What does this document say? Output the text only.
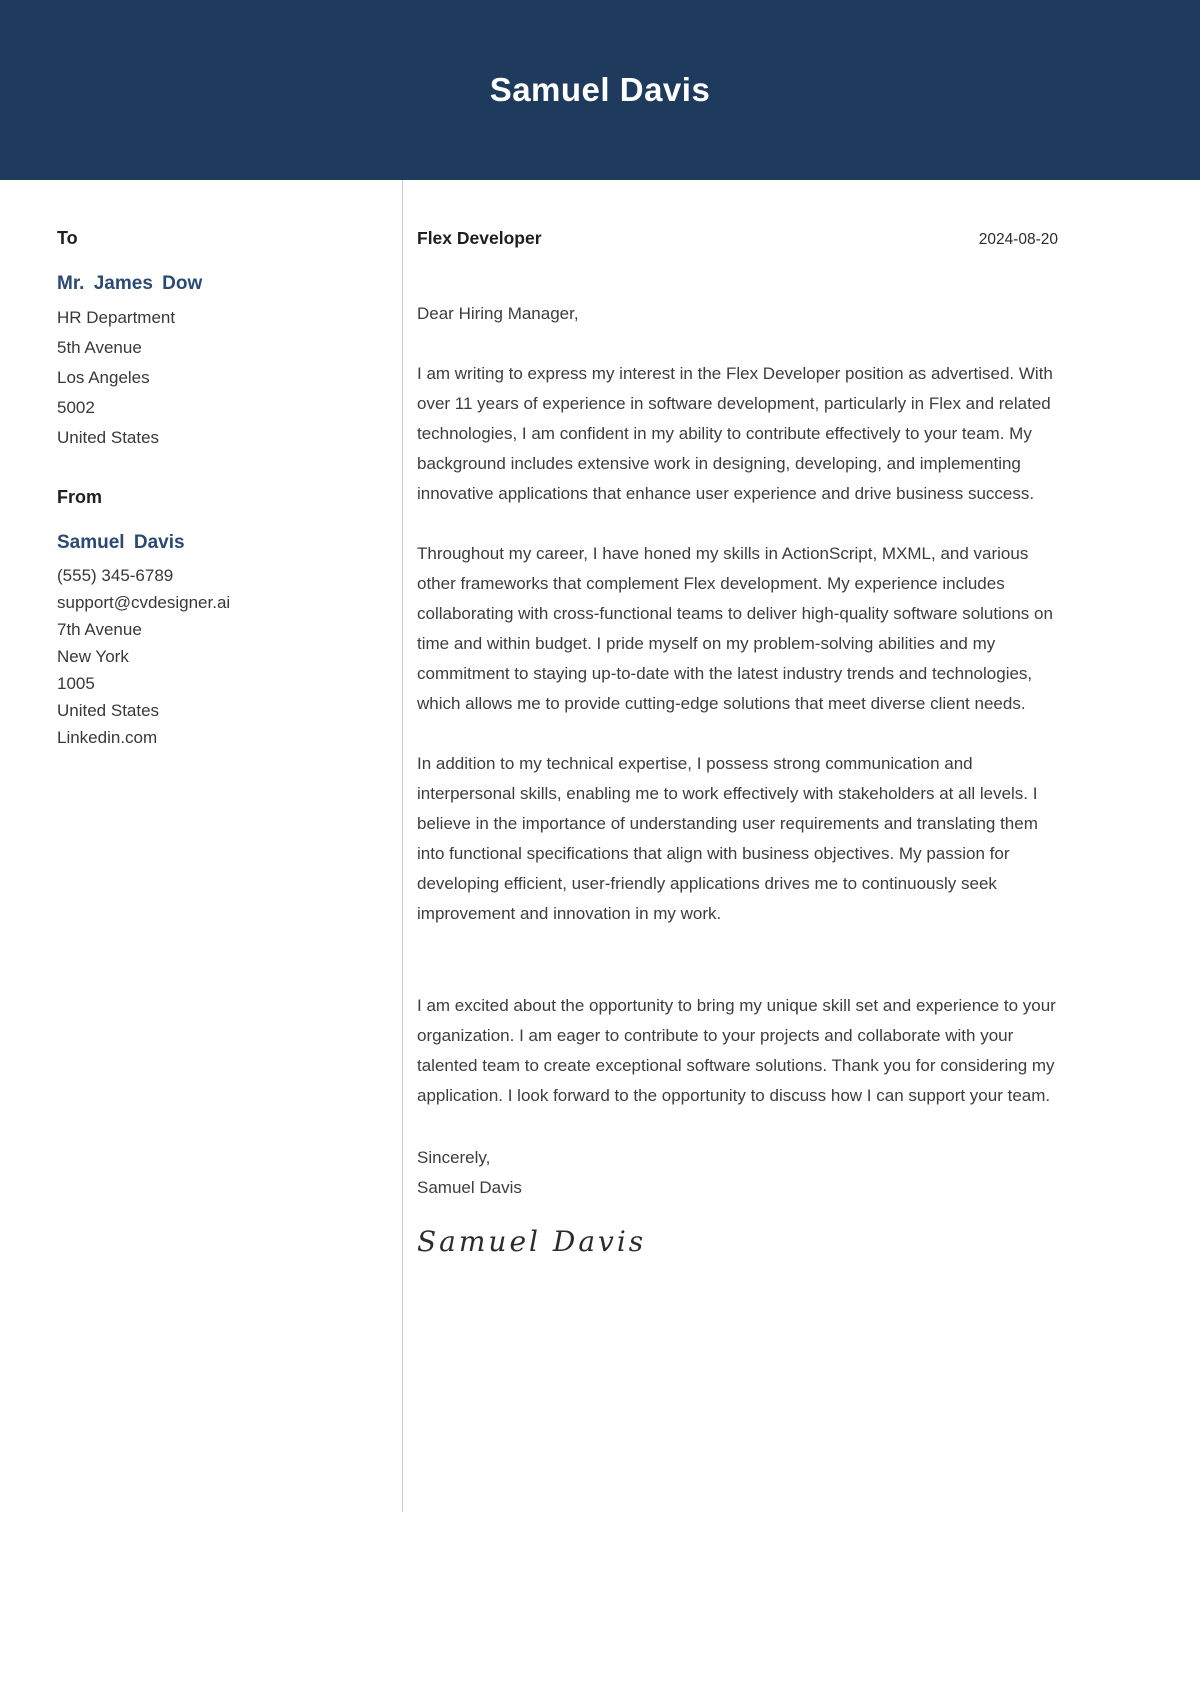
Samuel Davis
To
Mr. James Dow
HR Department
5th Avenue
Los Angeles
5002
United States
From
Samuel Davis
(555) 345-6789
support@cvdesigner.ai
7th Avenue
New York
1005
United States
Linkedin.com
Flex Developer	2024-08-20
Dear Hiring Manager,
I am writing to express my interest in the Flex Developer position as advertised. With over 11 years of experience in software development, particularly in Flex and related technologies, I am confident in my ability to contribute effectively to your team. My background includes extensive work in designing, developing, and implementing innovative applications that enhance user experience and drive business success.
Throughout my career, I have honed my skills in ActionScript, MXML, and various other frameworks that complement Flex development. My experience includes collaborating with cross-functional teams to deliver high-quality software solutions on time and within budget. I pride myself on my problem-solving abilities and my commitment to staying up-to-date with the latest industry trends and technologies, which allows me to provide cutting-edge solutions that meet diverse client needs.
In addition to my technical expertise, I possess strong communication and interpersonal skills, enabling me to work effectively with stakeholders at all levels. I believe in the importance of understanding user requirements and translating them into functional specifications that align with business objectives. My passion for developing efficient, user-friendly applications drives me to continuously seek improvement and innovation in my work.
I am excited about the opportunity to bring my unique skill set and experience to your organization. I am eager to contribute to your projects and collaborate with your talented team to create exceptional software solutions. Thank you for considering my application. I look forward to the opportunity to discuss how I can support your team.
Sincerely,
Samuel Davis
Samuel Davis
